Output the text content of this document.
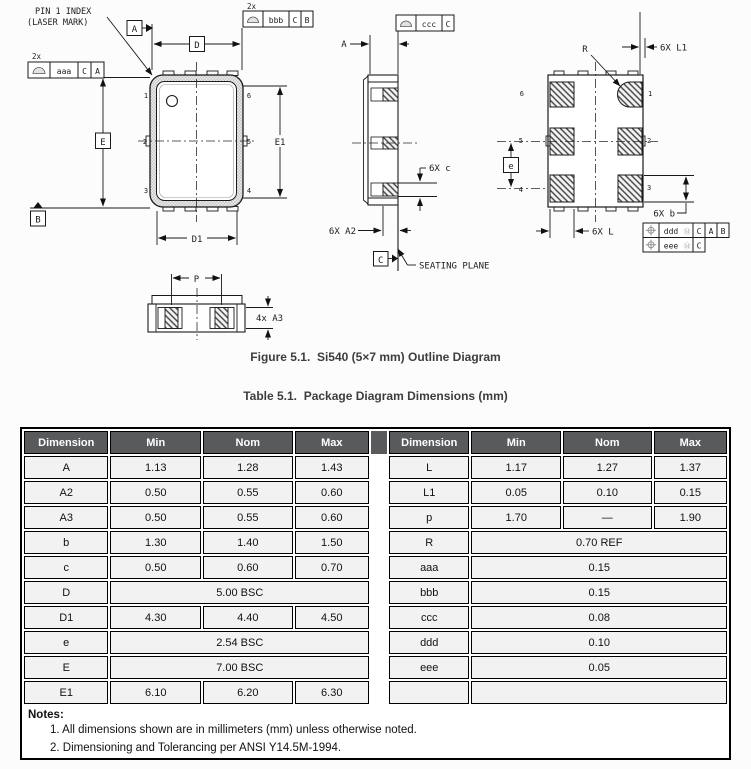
1
2
3
6
5
4
PIN 1 INDEX
(LASER MARK)
D
A
2x
aaa C A
E
B
E1
D1
2x
bbb C B
A
ccc C
6X c
6X A2
C
SEATING PLANE
6
5
4
1
2
3
e
R	6X L1
6X b
6X L	ddd Ⓜ C A B
eee Ⓜ C
P
4x A3
Figure 5.1.  Si540 (5×7 mm) Outline Diagram
Table 5.1.  Package Diagram Dimensions (mm)
Dimension	Min	Nom	Max
A	1.13	1.28	1.43
A2	0.50	0.55	0.60
A3	0.50	0.55	0.60
b	1.30	1.40	1.50
c	0.50	0.60	0.70
D	5.00 BSC		
D1	4.30	4.40	4.50
e	2.54 BSC		
E	7.00 BSC		
E1	6.10	6.20	6.30
Dimension	Min	Nom	Max
L	1.17	1.27	1.37
L1	0.05	0.10	0.15
p	1.70	—	1.90
R	0.70 REF		
aaa	0.15		
bbb	0.15		
ccc	0.08		
ddd	0.10		
eee	0.05		

Notes:
1. All dimensions shown are in millimeters (mm) unless otherwise noted.
2. Dimensioning and Tolerancing per ANSI Y14.5M-1994.
